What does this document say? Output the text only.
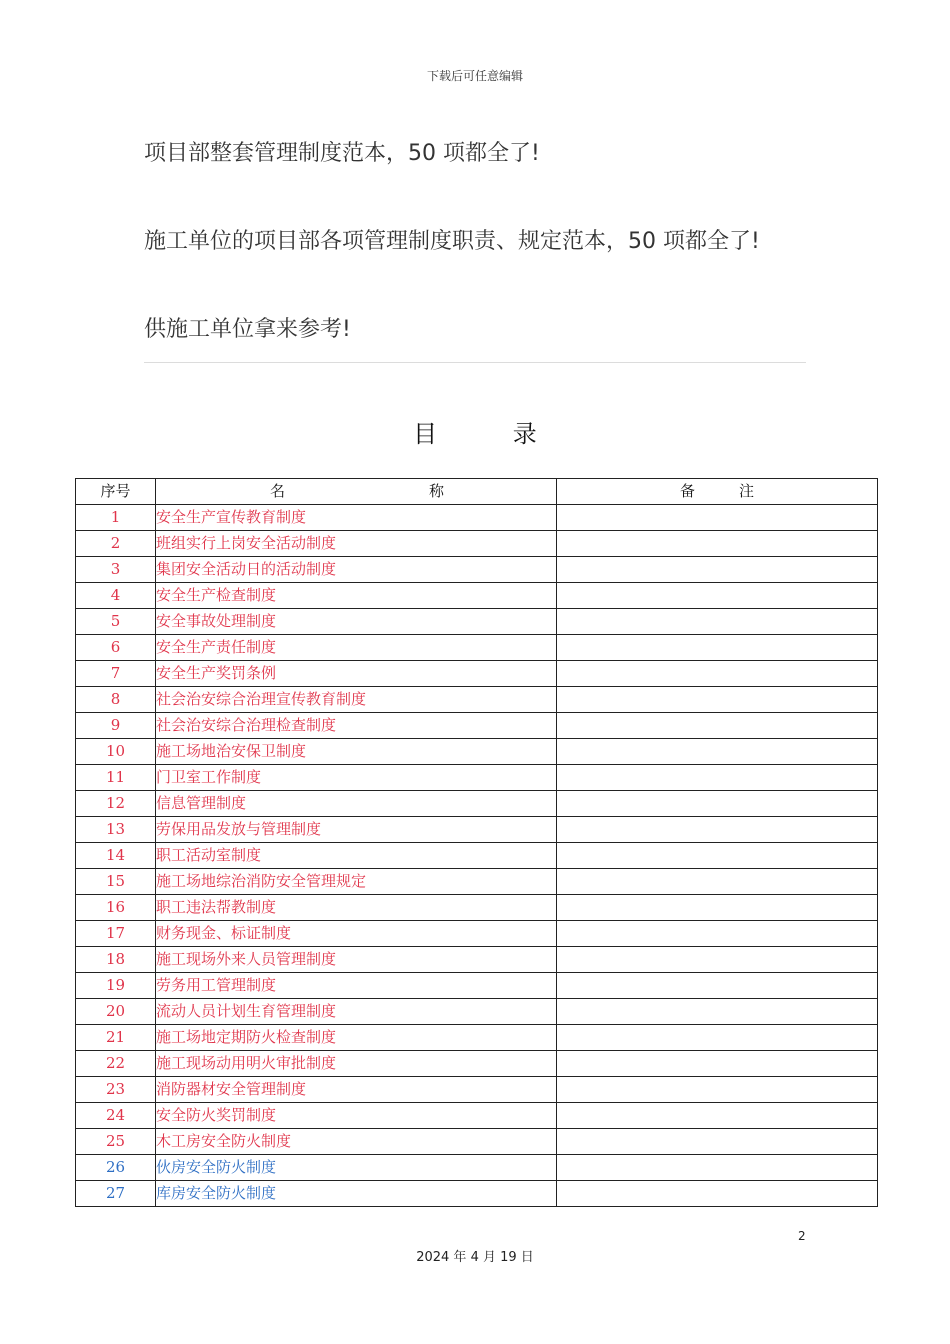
下载后可任意编辑
项目部整套管理制度范本，50 项都全了!
施工单位的项目部各项管理制度职责、规定范本，50 项都全了!
供施工单位拿来参考!
目 录
序号	名 称	备 注

1	安全生产宣传教育制度	
2	班组实行上岗安全活动制度	
3	集团安全活动日的活动制度	
4	安全生产检查制度	
5	安全事故处理制度	
6	安全生产责任制度	
7	安全生产奖罚条例	
8	社会治安综合治理宣传教育制度	
9	社会治安综合治理检查制度	
10	施工场地治安保卫制度	
11	门卫室工作制度	
12	信息管理制度	
13	劳保用品发放与管理制度	
14	职工活动室制度	
15	施工场地综治消防安全管理规定	
16	职工违法帮教制度	
17	财务现金、标证制度	
18	施工现场外来人员管理制度	
19	劳务用工管理制度	
20	流动人员计划生育管理制度	
21	施工场地定期防火检查制度	
22	施工现场动用明火审批制度	
23	消防器材安全管理制度	
24	安全防火奖罚制度	
25	木工房安全防火制度	
26	伙房安全防火制度	
27	库房安全防火制度	
2
2024 年 4 月 19 日
